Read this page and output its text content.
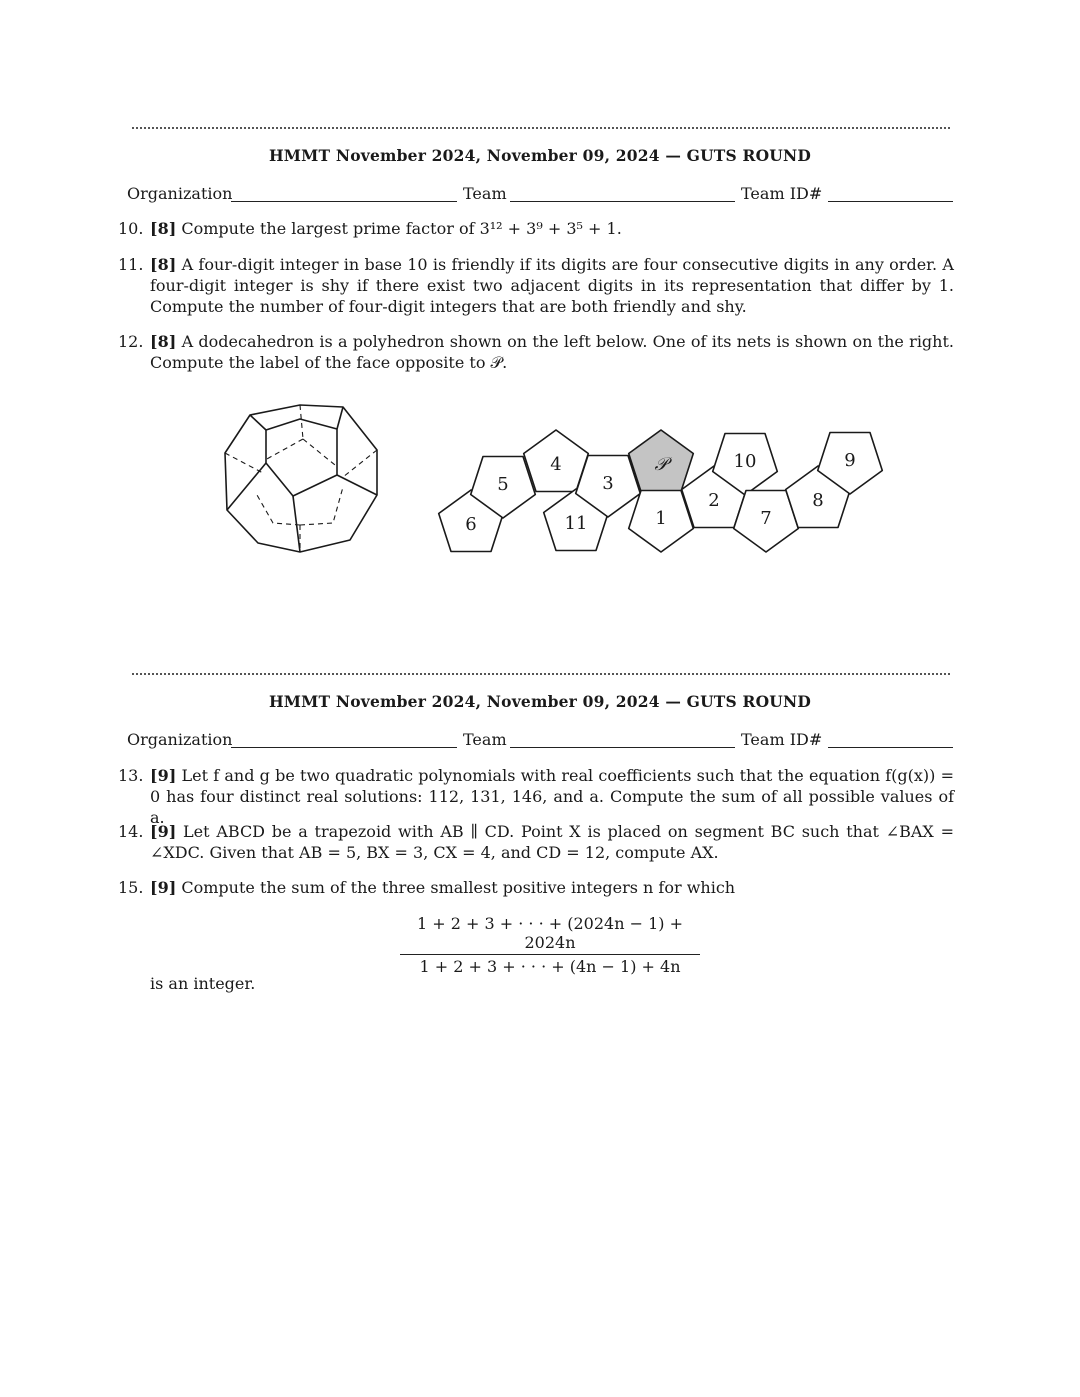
HMMT November 2024, November 09, 2024 — GUTS ROUND
Organization	Team	Team ID#
10. [8] Compute the largest prime factor of 3¹² + 3⁹ + 3⁵ + 1.
11. [8] A four-digit integer in base 10 is friendly if its digits are four consecutive digits in any order. A four-digit integer is shy if there exist two adjacent digits in its representation that differ by 1. Compute the number of four-digit integers that are both friendly and shy.
12. [8] A dodecahedron is a polyhedron shown on the left below. One of its nets is shown on the right. Compute the label of the face opposite to 𝒫.
6
5
4
11
3
𝒫
1
2
10
7
8
9
HMMT November 2024, November 09, 2024 — GUTS ROUND
Organization	Team	Team ID#
13. [9] Let f and g be two quadratic polynomials with real coefficients such that the equation f(g(x)) = 0 has four distinct real solutions: 112, 131, 146, and a. Compute the sum of all possible values of a.
14. [9] Let ABCD be a trapezoid with AB ∥ CD. Point X is placed on segment BC such that ∠BAX = ∠XDC. Given that AB = 5, BX = 3, CX = 4, and CD = 12, compute AX.
15. [9] Compute the sum of the three smallest positive integers n for which
$\frac{1 + 2 + 3 + \cdot \cdot \cdot + (2024n - 1) + 2024n}{1 + 2 + 3 + \cdot \cdot \cdot + (4n - 1) + 4n}$
is an integer.
